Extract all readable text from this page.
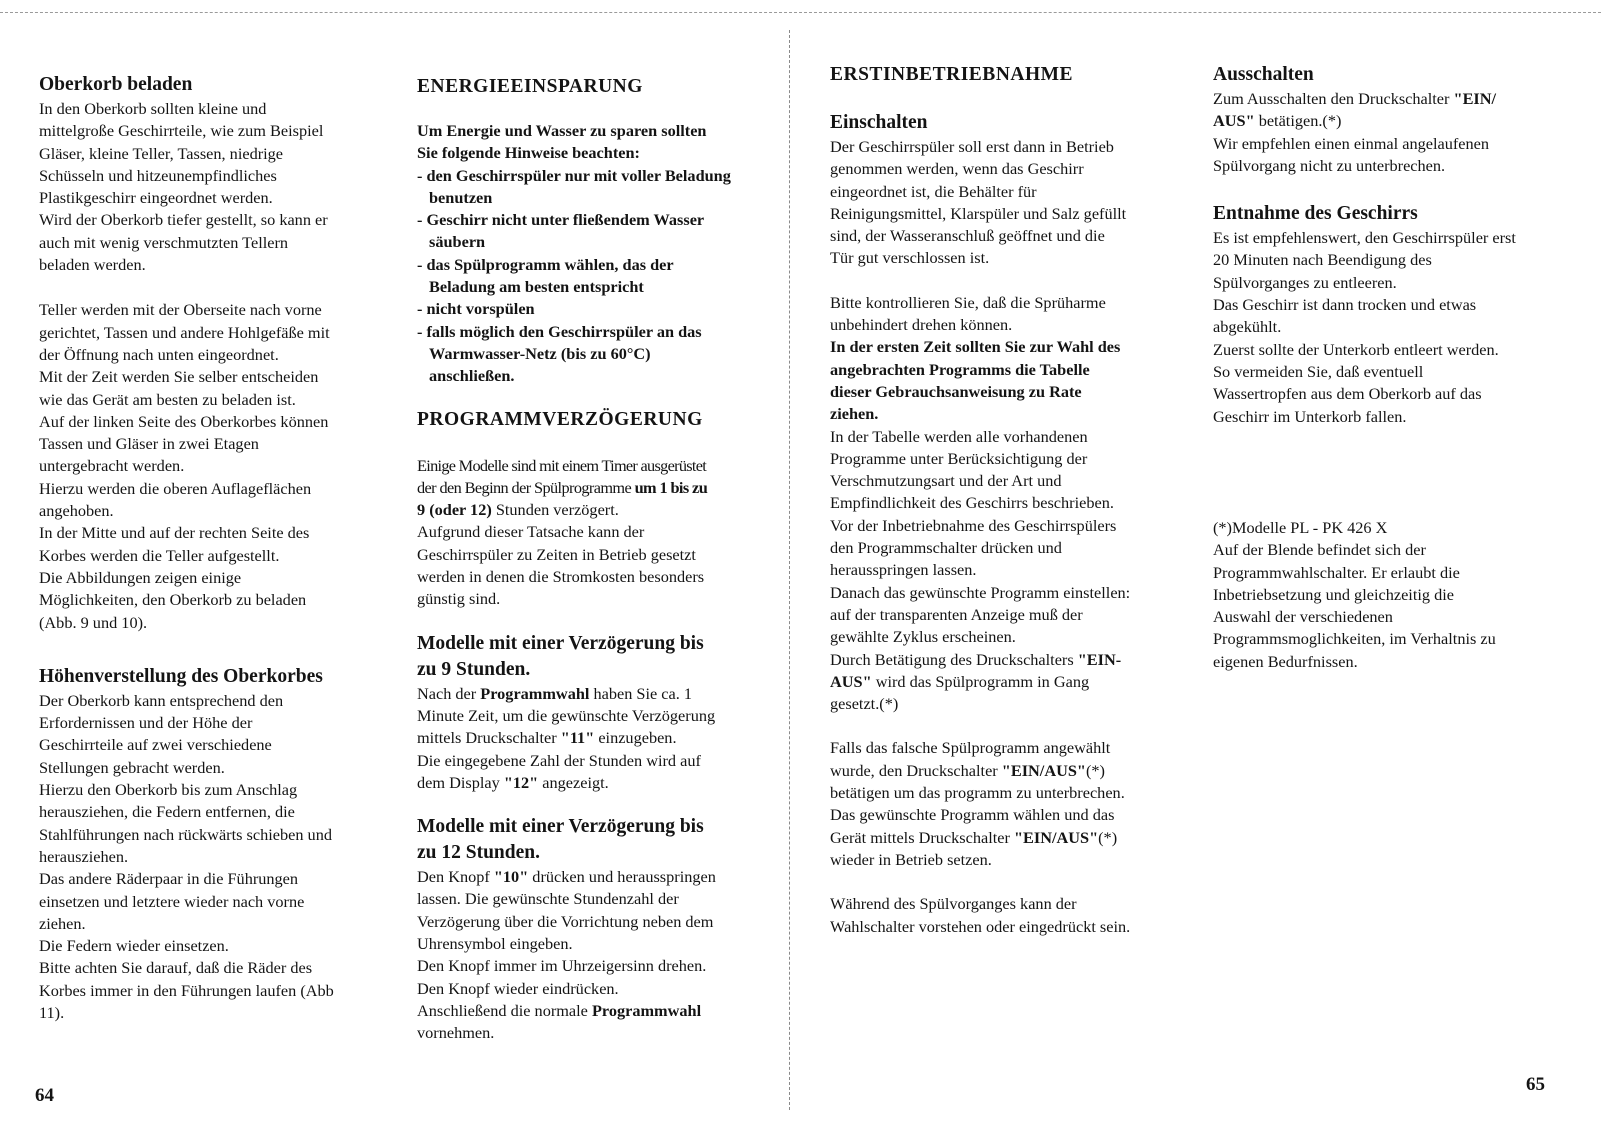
Oberkorb beladen

In den Oberkorb sollten kleine und

mittelgroße Geschirrteile, wie zum Beispiel

Gläser, kleine Teller, Tassen, niedrige

Schüsseln und hitzeunempfindliches

Plastikgeschirr eingeordnet werden.

Wird der Oberkorb tiefer gestellt, so kann er

auch mit wenig verschmutzten Tellern

beladen werden.

Teller werden mit der Oberseite nach vorne

gerichtet, Tassen und andere Hohlgefäße mit

der Öffnung nach unten eingeordnet.

Mit der Zeit werden Sie selber entscheiden

wie das Gerät am besten zu beladen ist.

Auf der linken Seite des Oberkorbes können

Tassen und Gläser in zwei Etagen

untergebracht werden.

Hierzu werden die oberen Auflageflächen

angehoben.

In der Mitte und auf der rechten Seite des

Korbes werden die Teller aufgestellt.

Die Abbildungen zeigen einige

Möglichkeiten, den Oberkorb zu beladen

(Abb. 9 und 10).

Höhenverstellung des Oberkorbes

Der Oberkorb kann entsprechend den

Erfordernissen und der Höhe der

Geschirrteile auf zwei verschiedene

Stellungen gebracht werden.

Hierzu den Oberkorb bis zum Anschlag

herausziehen, die Federn entfernen, die

Stahlführungen nach rückwärts schieben und

herausziehen.

Das andere Räderpaar in die Führungen

einsetzen und letztere wieder nach vorne

ziehen.

Die Federn wieder einsetzen.

Bitte achten Sie darauf, daß die Räder des

Korbes immer in den Führungen laufen (Abb

11).

64

ENERGIEEINSPARUNG

Um Energie und Wasser zu sparen sollten

Sie folgende Hinweise beachten:

- den Geschirrspüler nur mit voller Beladung

benutzen

- Geschirr nicht unter fließendem Wasser

säubern

- das Spülprogramm wählen, das der

Beladung am besten entspricht

- nicht vorspülen

- falls möglich den Geschirrspüler an das

Warmwasser-Netz (bis zu 60°C)

anschließen.

PROGRAMMVERZÖGERUNG

Einige Modelle sind mit einem Timer ausgerüstet

der den Beginn der Spülprogramme um 1 bis zu

9 (oder 12) Stunden verzögert.

Aufgrund dieser Tatsache kann der

Geschirrspüler zu Zeiten in Betrieb gesetzt

werden in denen die Stromkosten besonders

günstig sind.

Modelle mit einer Verzögerung bis

zu 9 Stunden.

Nach der Programmwahl haben Sie ca. 1

Minute Zeit, um die gewünschte Verzögerung

mittels Druckschalter "11" einzugeben.

Die eingegebene Zahl der Stunden wird auf

dem Display "12" angezeigt.

Modelle mit einer Verzögerung bis

zu 12 Stunden.

Den Knopf "10" drücken und herausspringen

lassen. Die gewünschte Stundenzahl der

Verzögerung über die Vorrichtung neben dem

Uhrensymbol eingeben.

Den Knopf immer im Uhrzeigersinn drehen.

Den Knopf wieder eindrücken.

Anschließend die normale Programmwahl

vornehmen.

ERSTINBETRIEBNAHME

Einschalten

Der Geschirrspüler soll erst dann in Betrieb

genommen werden, wenn das Geschirr

eingeordnet ist, die Behälter für

Reinigungsmittel, Klarspüler und Salz gefüllt

sind, der Wasseranschluß geöffnet und die

Tür gut verschlossen ist.

Bitte kontrollieren Sie, daß die Sprüharme

unbehindert drehen können.

In der ersten Zeit sollten Sie zur Wahl des

angebrachten Programms die Tabelle

dieser Gebrauchsanweisung zu Rate

ziehen.

In der Tabelle werden alle vorhandenen

Programme unter Berücksichtigung der

Verschmutzungsart und der Art und

Empfindlichkeit des Geschirrs beschrieben.

Vor der Inbetriebnahme des Geschirrspülers

den Programmschalter drücken und

herausspringen lassen.

Danach das gewünschte Programm einstellen:

auf der transparenten Anzeige muß der

gewählte Zyklus erscheinen.

Durch Betätigung des Druckschalters "EIN-

AUS" wird das Spülprogramm in Gang

gesetzt.(*)

Falls das falsche Spülprogramm angewählt

wurde, den Druckschalter "EIN/AUS"(*)

betätigen um das programm zu unterbrechen.

Das gewünschte Programm wählen und das

Gerät mittels Druckschalter "EIN/AUS"(*)

wieder in Betrieb setzen.

Während des Spülvorganges kann der

Wahlschalter vorstehen oder eingedrückt sein.

Ausschalten

Zum Ausschalten den Druckschalter "EIN/

AUS" betätigen.(*)

Wir empfehlen einen einmal angelaufenen

Spülvorgang nicht zu unterbrechen.

Entnahme des Geschirrs

Es ist empfehlenswert, den Geschirrspüler erst

20 Minuten nach Beendigung des

Spülvorganges zu entleeren.

Das Geschirr ist dann trocken und etwas

abgekühlt.

Zuerst sollte der Unterkorb entleert werden.

So vermeiden Sie, daß eventuell

Wassertropfen aus dem Oberkorb auf das

Geschirr im Unterkorb fallen.

(*)Modelle PL - PK 426 X

Auf der Blende befindet sich der

Programmwahlschalter. Er erlaubt die

Inbetriebsetzung und gleichzeitig die

Auswahl der verschiedenen

Programmsmoglichkeiten, im Verhaltnis zu

eigenen Bedurfnissen.

65
